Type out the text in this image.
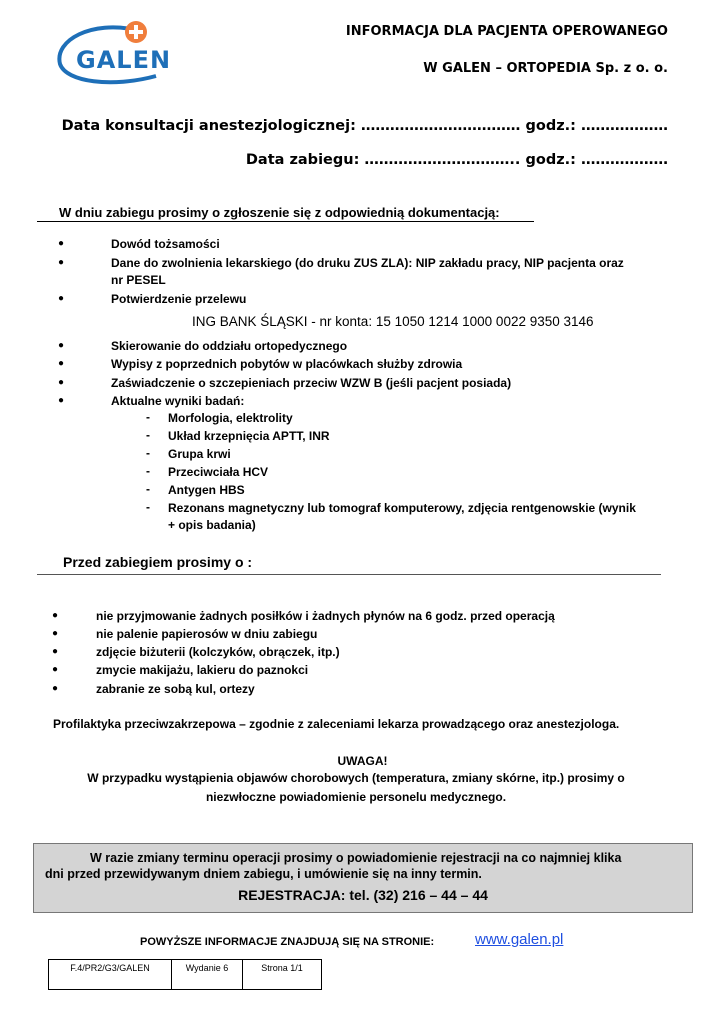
GALEN
INFORMACJA DLA PACJENTA OPEROWANEGO
W GALEN – ORTOPEDIA Sp. z o. o.
Data konsultacji anestezjologicznej: …………………………… godz.: ………………
Data zabiegu: ………………………….. godz.: ………………
W dniu zabiegu prosimy o zgłoszenie się z odpowiednią dokumentacją:
●	Dowód tożsamości
●	Dane do zwolnienia lekarskiego (do druku ZUS ZLA): NIP zakładu pracy, NIP pacjenta oraz
nr PESEL
●	Potwierdzenie przelewu
ING BANK ŚLĄSKI - nr konta: 15 1050 1214 1000 0022 9350 3146
●	Skierowanie do oddziału ortopedycznego
●	Wypisy z poprzednich pobytów w placówkach służby zdrowia
●	Zaświadczenie o szczepieniach przeciw WZW B (jeśli pacjent posiada)
●	Aktualne wyniki badań:
- Morfologia, elektrolity
- Układ krzepnięcia APTT, INR
- Grupa krwi
- Przeciwciała HCV
- Antygen HBS
- Rezonans magnetyczny lub tomograf komputerowy, zdjęcia rentgenowskie (wynik
+ opis badania)
Przed zabiegiem prosimy o :
●	nie przyjmowanie żadnych posiłków i żadnych płynów na 6 godz. przed operacją
●	nie palenie papierosów w dniu zabiegu
●	zdjęcie biżuterii (kolczyków, obrączek, itp.)
●	zmycie makijażu, lakieru do paznokci
●	zabranie ze sobą kul, ortezy
Profilaktyka przeciwzakrzepowa – zgodnie z zaleceniami lekarza prowadzącego oraz anestezjologa.
UWAGA!
W przypadku wystąpienia objawów chorobowych (temperatura, zmiany skórne, itp.) prosimy o
niezwłoczne powiadomienie personelu medycznego.
W razie zmiany terminu operacji prosimy o powiadomienie rejestracji na co najmniej klika
dni przed przewidywanym dniem zabiegu, i umówienie się na inny termin.
REJESTRACJA: tel. (32) 216 – 44 – 44
POWYŻSZE INFORMACJE ZNAJDUJĄ SIĘ NA STRONIE:	www.galen.pl
F.4/PR2/G3/GALEN	Wydanie 6	Strona 1/1
